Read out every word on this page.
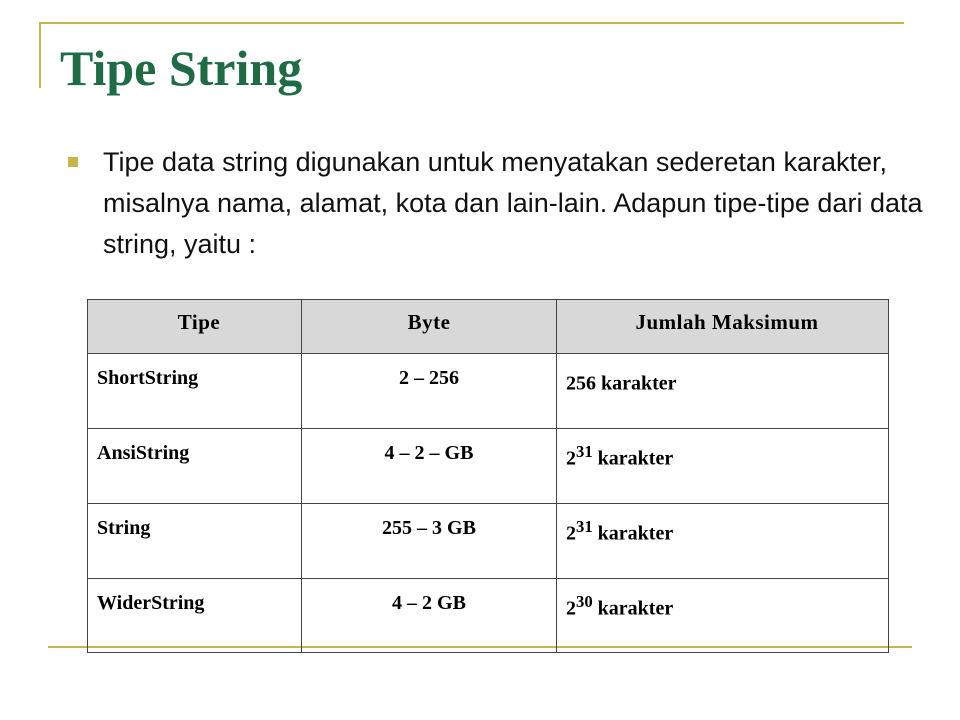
Tipe String

Tipe data string digunakan untuk menyatakan sederetan karakter, misalnya nama, alamat, kota dan lain-lain. Adapun tipe-tipe dari data string, yaitu :

Tipe	Byte	Jumlah Maksimum
ShortString	2 – 256	256 karakter
AnsiString	4 – 2 – GB	$2^{31}$ karakter
String	255 – 3 GB	$2^{31}$ karakter
WiderString	4 – 2 GB	$2^{30}$ karakter
